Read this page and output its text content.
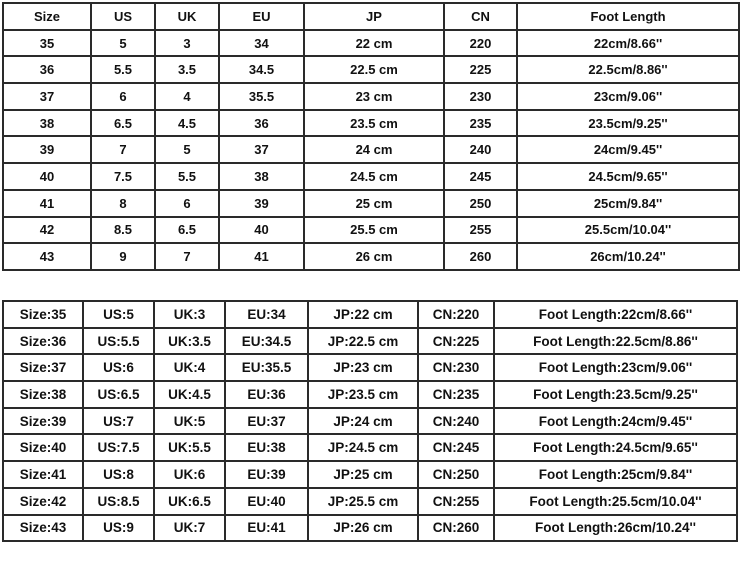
Size	US	UK	EU	JP	CN	Foot Length
35	5	3	34	22 cm	220	22cm/8.66''
36	5.5	3.5	34.5	22.5 cm	225	22.5cm/8.86''
37	6	4	35.5	23 cm	230	23cm/9.06''
38	6.5	4.5	36	23.5 cm	235	23.5cm/9.25''
39	7	5	37	24 cm	240	24cm/9.45''
40	7.5	5.5	38	24.5 cm	245	24.5cm/9.65''
41	8	6	39	25 cm	250	25cm/9.84''
42	8.5	6.5	40	25.5 cm	255	25.5cm/10.04''
43	9	7	41	26 cm	260	26cm/10.24''
Size:35	US:5	UK:3	EU:34	JP:22 cm	CN:220	Foot Length:22cm/8.66''
Size:36	US:5.5	UK:3.5	EU:34.5	JP:22.5 cm	CN:225	Foot Length:22.5cm/8.86''
Size:37	US:6	UK:4	EU:35.5	JP:23 cm	CN:230	Foot Length:23cm/9.06''
Size:38	US:6.5	UK:4.5	EU:36	JP:23.5 cm	CN:235	Foot Length:23.5cm/9.25''
Size:39	US:7	UK:5	EU:37	JP:24 cm	CN:240	Foot Length:24cm/9.45''
Size:40	US:7.5	UK:5.5	EU:38	JP:24.5 cm	CN:245	Foot Length:24.5cm/9.65''
Size:41	US:8	UK:6	EU:39	JP:25 cm	CN:250	Foot Length:25cm/9.84''
Size:42	US:8.5	UK:6.5	EU:40	JP:25.5 cm	CN:255	Foot Length:25.5cm/10.04''
Size:43	US:9	UK:7	EU:41	JP:26 cm	CN:260	Foot Length:26cm/10.24''
